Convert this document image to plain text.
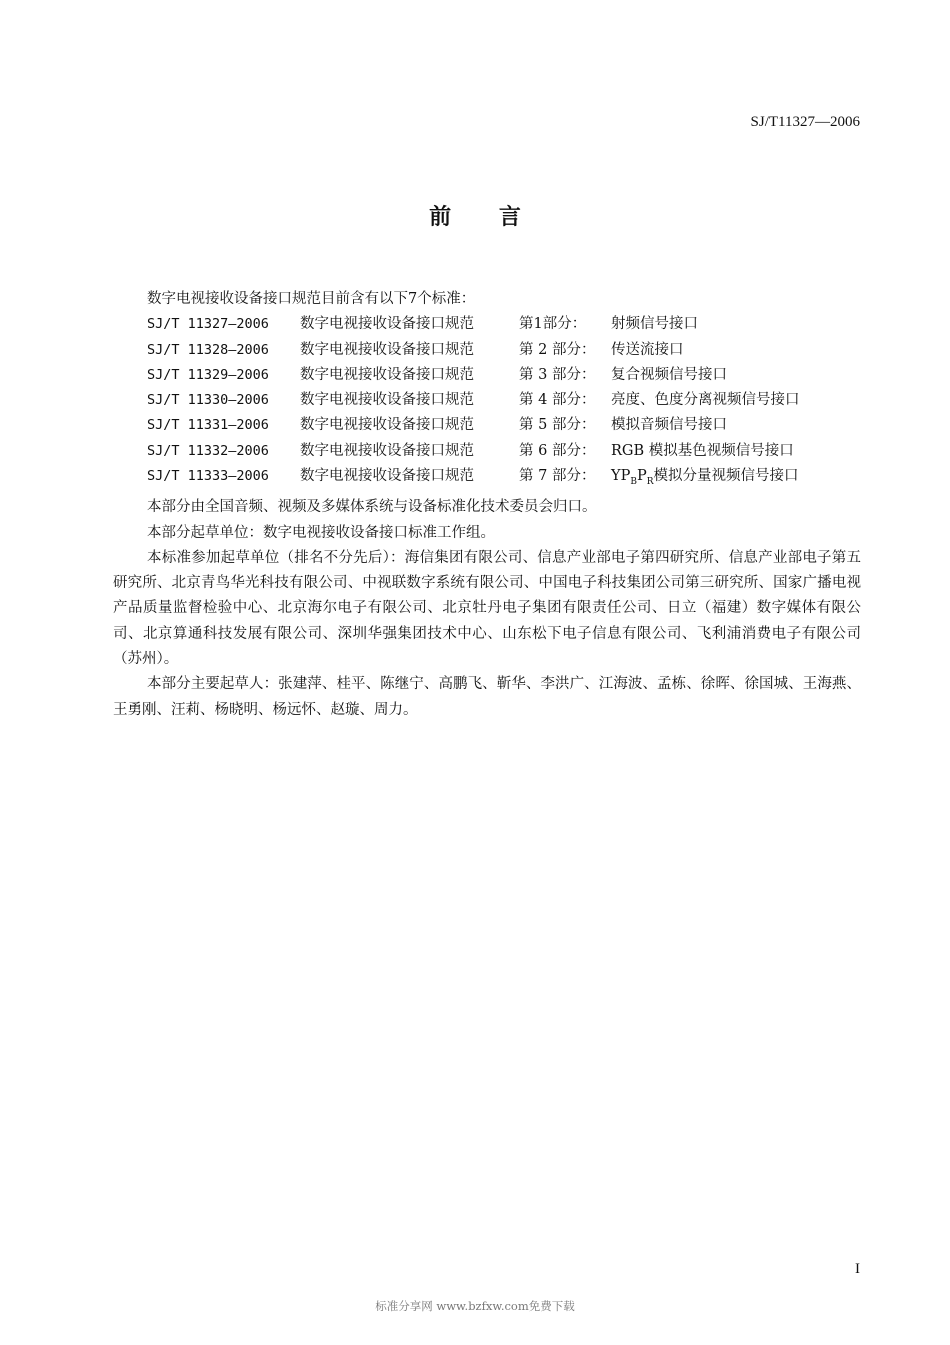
SJ/T11327—2006
前 言
数字电视接收设备接口规范目前含有以下7个标准：
SJ/T 11327—2006	数字电视接收设备接口规范	第1部分：	射频信号接口
SJ/T 11328—2006	数字电视接收设备接口规范	第 2 部分：	传送流接口
SJ/T 11329—2006	数字电视接收设备接口规范	第 3 部分：	复合视频信号接口
SJ/T 11330—2006	数字电视接收设备接口规范	第 4 部分：	亮度、色度分离视频信号接口
SJ/T 11331—2006	数字电视接收设备接口规范	第 5 部分：	模拟音频信号接口
SJ/T 11332—2006	数字电视接收设备接口规范	第 6 部分：	RGB 模拟基色视频信号接口
SJ/T 11333—2006	数字电视接收设备接口规范	第 7 部分：	$YP_BP_R$模拟分量视频信号接口
本部分由全国音频、视频及多媒体系统与设备标准化技术委员会归口。
本部分起草单位：数字电视接收设备接口标准工作组。
本标准参加起草单位（排名不分先后）：海信集团有限公司、信息产业部电子第四研究所、信息产业部电子第五研究所、北京青鸟华光科技有限公司、中视联数字系统有限公司、中国电子科技集团公司第三研究所、国家广播电视产品质量监督检验中心、北京海尔电子有限公司、北京牡丹电子集团有限责任公司、日立（福建）数字媒体有限公司、北京算通科技发展有限公司、深圳华强集团技术中心、山东松下电子信息有限公司、飞利浦消费电子有限公司（苏州）。
本部分主要起草人：张建萍、桂平、陈继宁、高鹏飞、靳华、李洪广、江海波、孟栋、徐晖、徐国城、王海燕、王勇刚、汪莉、杨晓明、杨远怀、赵璇、周力。
I
标准分享网 www.bzfxw.com免费下载
